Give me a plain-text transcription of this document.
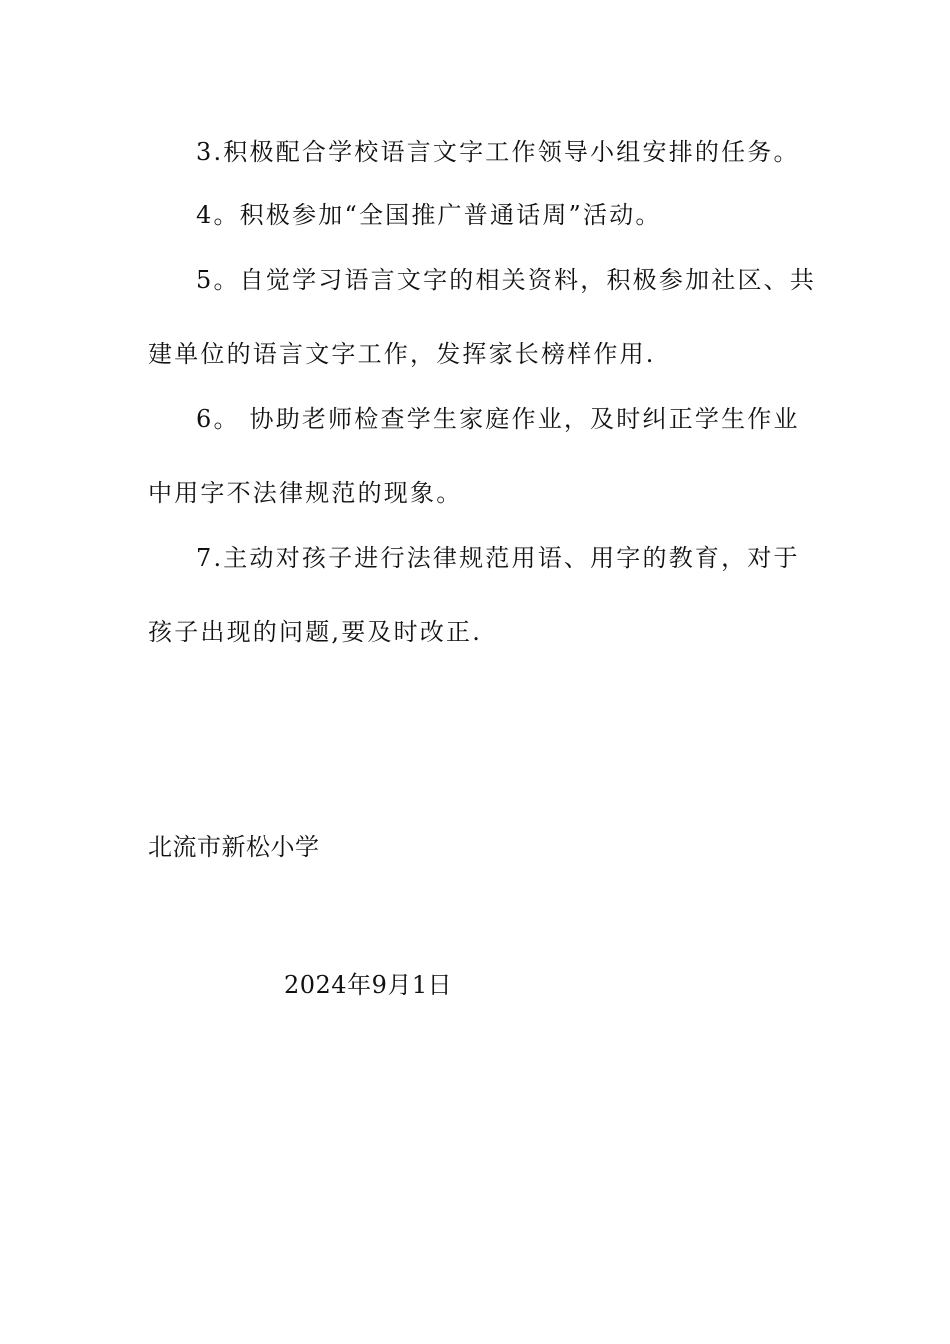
3.积极配合学校语言文字工作领导小组安排的任务。
4。积极参加“全国推广普通话周”活动。
5。自觉学习语言文字的相关资料，积极参加社区、共
建单位的语言文字工作，发挥家长榜样作用.
6。 协助老师检查学生家庭作业，及时纠正学生作业
中用字不法律规范的现象。
7.主动对孩子进行法律规范用语、用字的教育，对于
孩子出现的问题,要及时改正.
北流市新松小学
2024年9月1日
